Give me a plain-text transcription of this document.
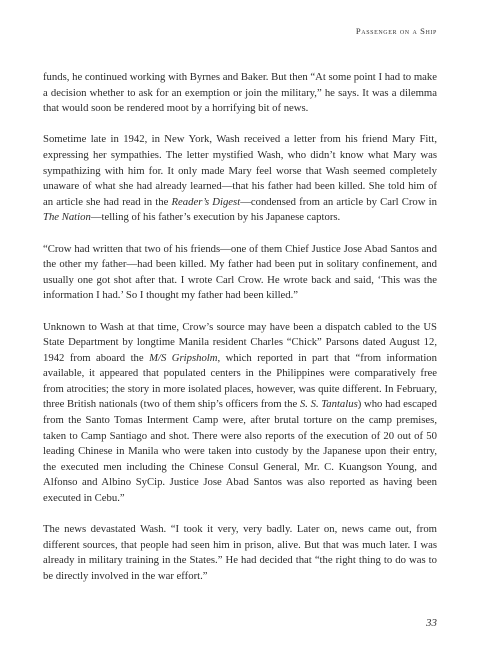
Passenger on a Ship

funds, he continued working with Byrnes and Baker. But then “At some point I had to make a decision whether to ask for an exemption or join the military,” he says. It was a dilemma that would soon be rendered moot by a horrifying bit of news.

Sometime late in 1942, in New York, Wash received a letter from his friend Mary Fitt, expressing her sympathies. The letter mystified Wash, who didn’t know what Mary was sympathizing with him for. It only made Mary feel worse that Wash seemed completely unaware of what she had already learned—that his father had been killed. She told him of an article she had read in the Reader’s Digest—condensed from an article by Carl Crow in The Nation—telling of his father’s execution by his Japanese captors.

“Crow had written that two of his friends—one of them Chief Justice Jose Abad Santos and the other my father—had been killed. My father had been put in solitary confinement, and usually one got shot after that. I wrote Carl Crow. He wrote back and said, ‘This was the information I had.’ So I thought my father had been killed.”

Unknown to Wash at that time, Crow’s source may have been a dispatch cabled to the US State Department by longtime Manila resident Charles “Chick” Parsons dated August 12, 1942 from aboard the M/S Gripsholm, which reported in part that “from information available, it appeared that populated centers in the Philippines were comparatively free from atrocities; the story in more isolated places, however, was quite different. In February, three British nationals (two of them ship’s officers from the S. S. Tantalus) who had escaped from the Santo Tomas Interment Camp were, after brutal torture on the camp premises, taken to Camp Santiago and shot. There were also reports of the execution of 20 out of 50 leading Chinese in Manila who were taken into custody by the Japanese upon their entry, the executed men including the Chinese Consul General, Mr. C. Kuangson Young, and Alfonso and Albino SyCip. Justice Jose Abad Santos was also reported as having been executed in Cebu.”

The news devastated Wash. “I took it very, very badly. Later on, news came out, from different sources, that people had seen him in prison, alive. But that was much later. I was already in military training in the States.” He had decided that “the right thing to do was to be directly involved in the war effort.”

33
